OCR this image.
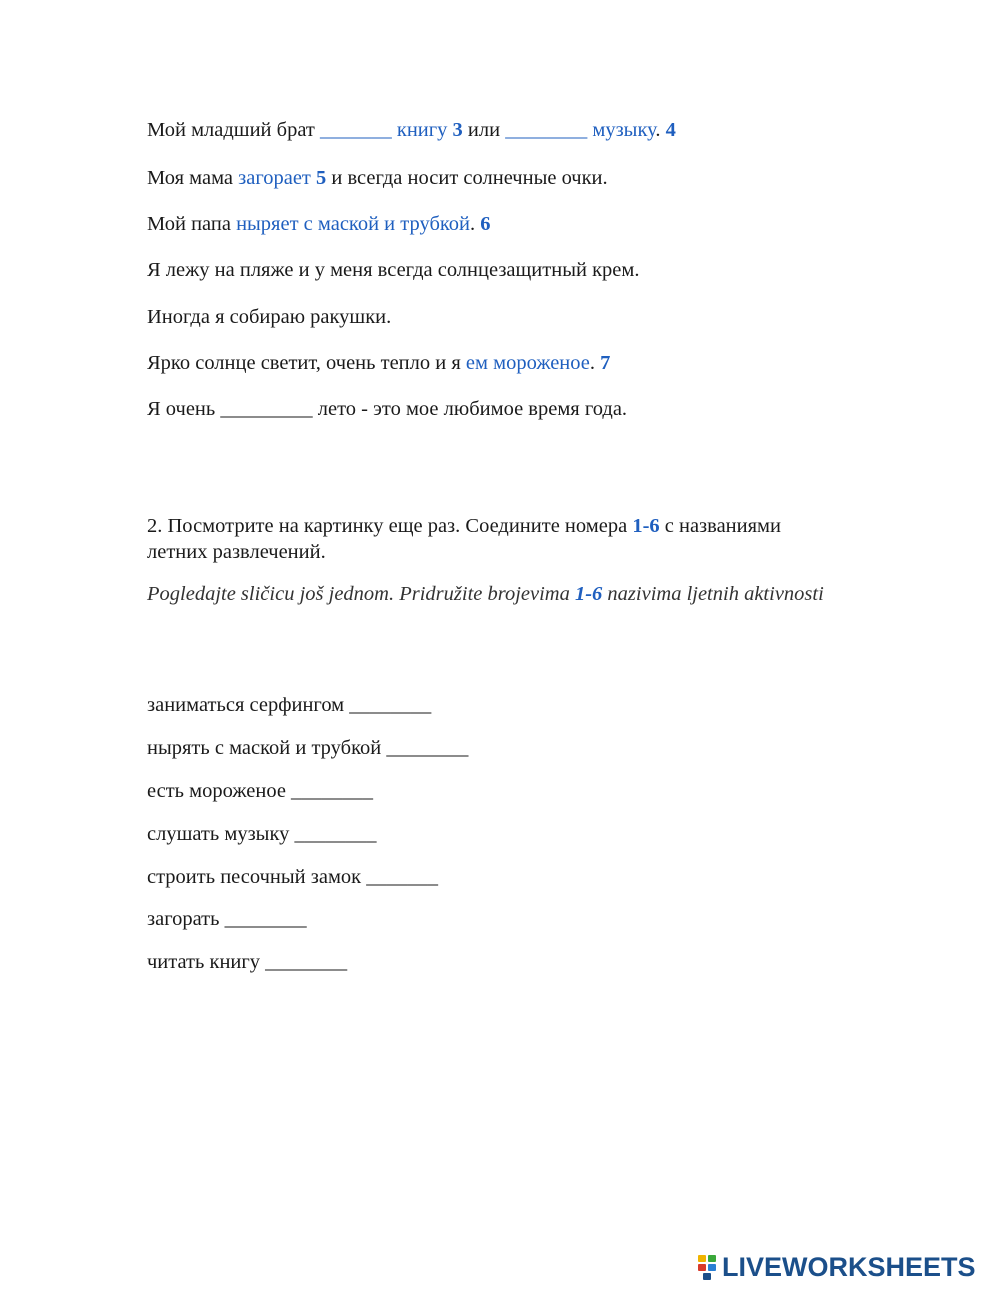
Мой младший брат _______ книгу 3 или ________ музыку. 4
Моя мама загорает 5 и всегда носит солнечные очки.
Мой папа ныряет с маской и трубкой. 6
Я лежу на пляже и у меня всегда солнцезащитный крем.
Иногда я собираю ракушки.
Ярко солнце светит, очень тепло и я ем мороженое. 7
Я очень _________ лето - это мое любимое время года.
2. Посмотрите на картинку еще раз. Соедините номера 1-6 с названиями летних развлечений.
Pogledajte sličicu još jednom. Pridružite brojevima 1-6 nazivima ljetnih aktivnosti
заниматься серфингом ________
нырять с маской и трубкой ________
есть мороженое ________
слушать музыку ________
строить песочный замок _______
загорать ________
читать книгу ________
LIVEWORKSHEETS
